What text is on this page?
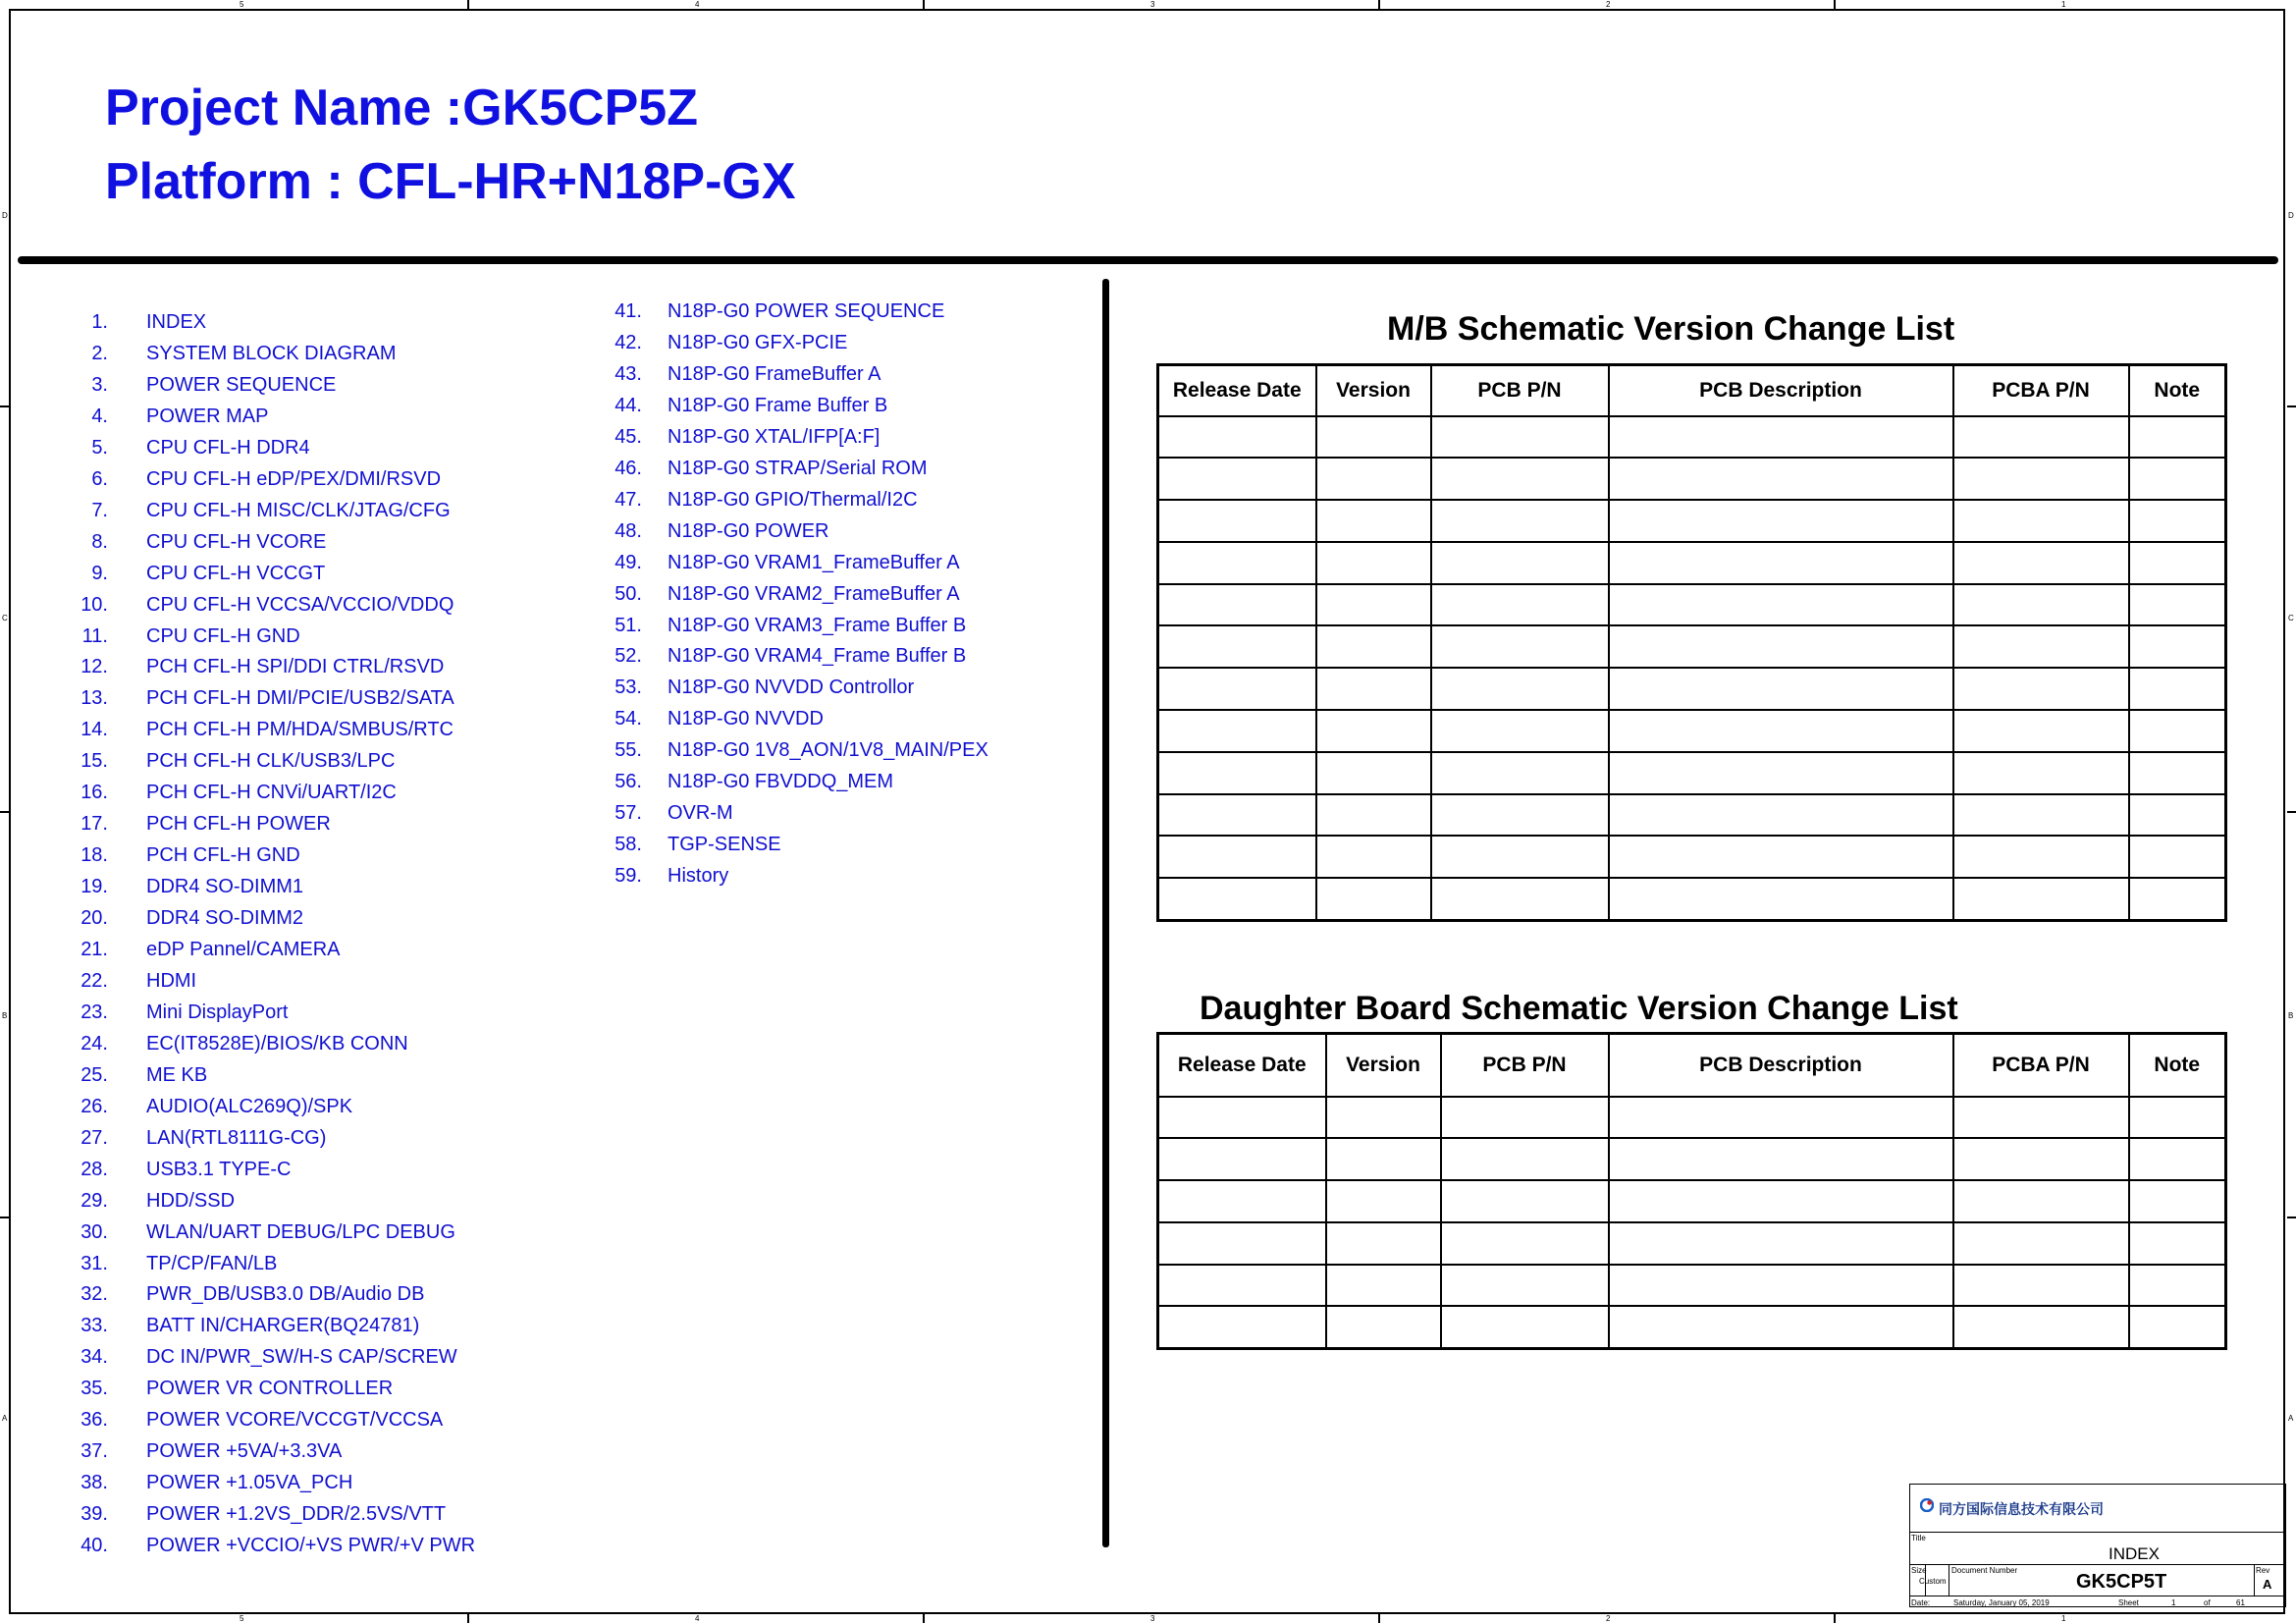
5
5
4
4
3
3
2
2
1
1
D	D
C	C
B	B
A	A
Project Name :GK5CP5Z
Platform : CFL-HR+N18P-GX
1. INDEX
2. SYSTEM BLOCK DIAGRAM
3. POWER SEQUENCE
4. POWER MAP
5. CPU CFL-H DDR4
6. CPU CFL-H eDP/PEX/DMI/RSVD
7. CPU CFL-H MISC/CLK/JTAG/CFG
8. CPU CFL-H VCORE
9. CPU CFL-H VCCGT
10. CPU CFL-H VCCSA/VCCIO/VDDQ
11. CPU CFL-H GND
12. PCH CFL-H SPI/DDI CTRL/RSVD
13. PCH CFL-H DMI/PCIE/USB2/SATA
14. PCH CFL-H PM/HDA/SMBUS/RTC
15. PCH CFL-H CLK/USB3/LPC
16. PCH CFL-H CNVi/UART/I2C
17. PCH CFL-H POWER
18. PCH CFL-H GND
19. DDR4 SO-DIMM1
20. DDR4 SO-DIMM2
21. eDP Pannel/CAMERA
22. HDMI
23. Mini DisplayPort
24. EC(IT8528E)/BIOS/KB CONN
25. ME KB
26. AUDIO(ALC269Q)/SPK
27. LAN(RTL8111G-CG)
28. USB3.1 TYPE-C
29. HDD/SSD
30. WLAN/UART DEBUG/LPC DEBUG
31. TP/CP/FAN/LB
32. PWR_DB/USB3.0 DB/Audio DB
33. BATT IN/CHARGER(BQ24781)
34. DC IN/PWR_SW/H-S CAP/SCREW
35. POWER VR CONTROLLER
36. POWER VCORE/VCCGT/VCCSA
37. POWER +5VA/+3.3VA
38. POWER +1.05VA_PCH
39. POWER +1.2VS_DDR/2.5VS/VTT
40. POWER +VCCIO/+VS PWR/+V PWR
41. N18P-G0 POWER SEQUENCE
42. N18P-G0 GFX-PCIE
43. N18P-G0 FrameBuffer A
44. N18P-G0 Frame Buffer B
45. N18P-G0 XTAL/IFP[A:F]
46. N18P-G0 STRAP/Serial ROM
47. N18P-G0 GPIO/Thermal/I2C
48. N18P-G0 POWER
49. N18P-G0 VRAM1_FrameBuffer A
50. N18P-G0 VRAM2_FrameBuffer A
51. N18P-G0 VRAM3_Frame Buffer B
52. N18P-G0 VRAM4_Frame Buffer B
53. N18P-G0 NVVDD Controllor
54. N18P-G0 NVVDD
55. N18P-G0 1V8_AON/1V8_MAIN/PEX
56. N18P-G0 FBVDDQ_MEM
57. OVR-M
58. TGP-SENSE
59. History
M/B Schematic Version Change List
Release Date	Version	PCB P/N	PCB Description	PCBA P/N	Note

Daughter Board Schematic Version Change List
Release Date	Version	PCB P/N	PCB Description	PCBA P/N	Note

同方国际信息技术有限公司
Title
INDEX
Size
Custom
Document Number
GK5CP5T
Rev
A
Date:	Saturday, January 05, 2019	Sheet	1	of	61
